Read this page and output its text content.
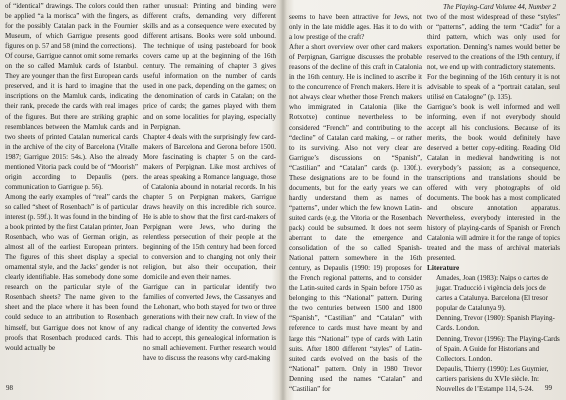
of “identical” drawings. The colors could then be applied “a la morisca” with the fingers, as for the possibly Catalan pack in the Fournier Museum, of which Garrigue presents good figures on p. 57 and 58 (mind the corrections).

Of course, Garrigue cannot omit some remarks on the so called Mamluk cards of Istanbul. They are younger than the first European cards preserved, and it is hard to imagine that the inscriptions on the Mamluk cards, indicating their rank, precede the cards with real images of the figures. But there are striking graphic resemblances between the Mamluk cards and two sheets of printed Catalan numerical cards in the archive of the city of Barcelona (Vitalle 1987; Garrigue 2015: 54s.). Also the already mentioned Vitoria pack could be of “Moorish” origin according to Depaulis (pers. communication to Garrigue p. 56).

Among the early examples of “real” cards the so called “sheet of Rosenbach” is of particular interest (p. 59f.). It was found in the binding of a book printed by the first Catalan printer, Joan Rosenbach, who was of German origin, as almost all of the earliest European printers. The figures of this sheet display a special ornamental style, and the Jacks’ gender is not clearly identifiable. Has somebody done some research on the particular style of the Rosenbach sheets? The name given to the sheet and the place where it has been found could seduce to an attribution to Rosenbach himself, but Garrigue does not know of any proofs that Rosenbach produced cards. This would actually be

rather unusual: Printing and binding were different crafts, demanding very different skills and as a consequence were executed by different artisans. Books were sold unbound. The technique of using pasteboard for book covers came up at the beginning of the 16th century. The remaining of chapter 3 gives useful information on the number of cards used in one pack, depending on the games; on the denomination of cards in Catalan; on the price of cards; the games played with them and on some localities for playing, especially in Perpignan.

Chapter 4 deals with the surprisingly few card-makers of Barcelona and Gerona before 1500. More fascinating is chapter 5 on the card-makers of Perpignan. Like most archives of the areas speaking a Romance language, those of Catalonia abound in notarial records. In his chapter 5 on Perpignan makers, Garrigue draws heavily on this incredible rich source. He is able to show that the first card-makers of Perpignan were Jews, who during the relentless persecution of their people at the beginning of the 15th century had been forced to conversion and to changing not only their religion, but also their occupation, their domicile and even their names.

Garrigue can in particular identify two families of converted Jews, the Cassanyes and the Lehonart, who both stayed for two or three generations with their new craft. In view of the radical change of identity the converted Jews had to accept, this genealogical information is no small achievement. Further research would have to discuss the reasons why card-making

98
The Playing-Card Volume 44, Number 2

seems to have been attractive for Jews, not only in the late middle ages. Has it to do with a low prestige of the craft?

After a short overview over other card makers of Perpignan, Garrigue discusses the probable reasons of the decline of this craft in Catalonia in the 16th century. He is inclined to ascribe it to the concurrence of French makers. Here it is not always clear whether those French makers who immigrated in Catalonia (like the Rotxotxe) continue nevertheless to be considered “French” and contributing to the “decline” of Catalan card making, – or rather to its surviving. Also not very clear are Garrigue’s discussions on “Spanish”, “Castilian” and “Catalan” cards (p. 130f.). These designations are to be found in the documents, but for the early years we can hardly understand them as names of “patterns”, under which the few known Latin-suited cards (e.g. the Vitoria or the Rosenbach pack) could be subsumed. It does not seem aberrant to date the emergence and consolidation of the so called Spanish-National pattern somewhere in the 16th century, as Depaulis (1990: 19) proposes for the French regional patterns, and to consider the Latin-suited cards in Spain before 1750 as belonging to this “National” pattern. During the two centuries between 1500 and 1800 “Spanish”, “Castilian” and “Catalan” with reference to cards must have meant by and large this “National” type of cards with Latin suits. After 1800 different “styles” of Latin-suited cards evolved on the basis of the “National” pattern. Only in 1980 Trevor Denning used the names “Catalan” and “Castilian” for

two of the most widespread of these “styles” or “patterns”, adding the term “Cadiz” for a third pattern, which was only used for exportation. Denning’s names would better be reserved to the creations of the 19th century, if not, we end up with contradictory statements.

For the beginning of the 16th century it is not advisable to speak of a “portrait catalan, seul utilisé en Catalogne” (p. 135).

Garrigue’s book is well informed and well informing, even if not everybody should accept all his conclusions. Because of its merits, the book would definitely have deserved a better copy-editing. Reading Old Catalan in medieval handwriting is not everybody’s passion; as a consequence, transcriptions and translations should be offered with very photographs of old documents. The book has a most complicated and obscure annotation apparatus. Nevertheless, everybody interested in the history of playing-cards of Spanish or French Catalonia will admire it for the range of topics treated and the mass of archival materials presented.

Literature

Amades, Joan (1983): Naips o cartes de jugar. Traducció i vigència dels jocs de cartes a Catalunya. Barcelona (El tresor popular de Catalunya 9).

Denning, Trevor (1980): Spanish Playing-Cards. London.

Denning, Trevor (1996): The Playing-Cards of Spain. A Guide for Historians and Collectors. London.

Depaulis, Thierry (1990): Les Guymier, cartiers parisiens du XVIe siècle. In: Nouvelles de l’Estampe 114, 5-24.	99
